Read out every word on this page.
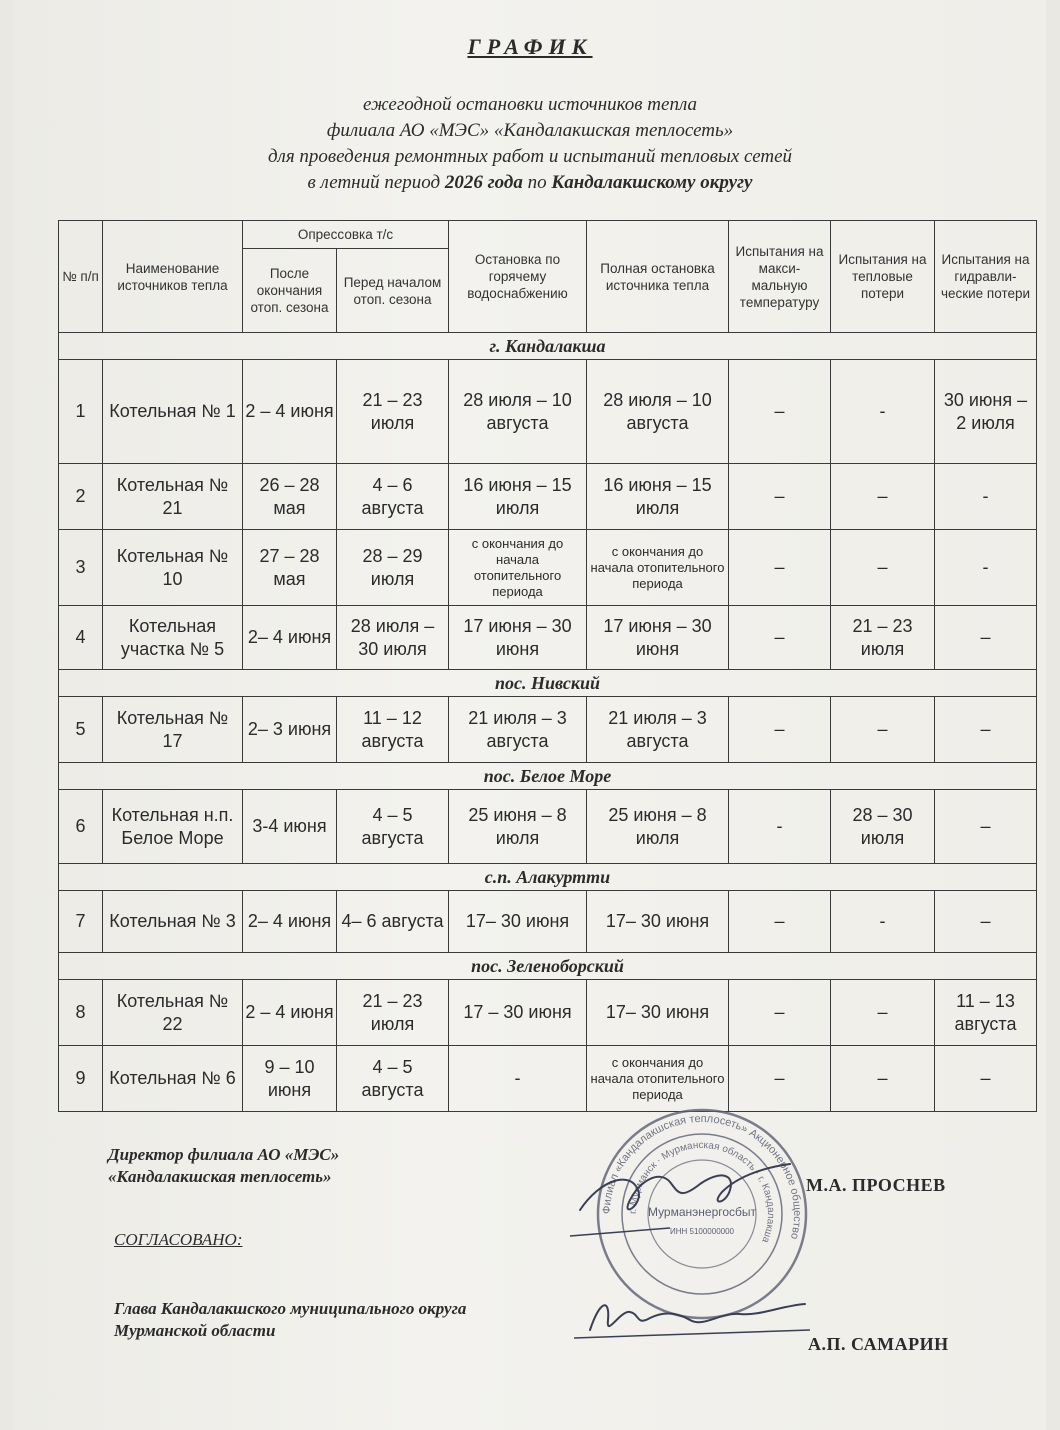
ГРАФИК
ежегодной остановки источников тепла
филиала АО «МЭС» «Кандалакшская теплосеть»
для проведения ремонтных работ и испытаний тепловых сетей
в летний период 2026 года по Кандалакшскому округу
№ п/п	Наименование источников тепла	Опрессовка т/с		Остановка по горячему водоснабжению	Полная остановка источника тепла	Испытания на макси-мальную температуру	Испытания на тепловые потери	Испытания на гидравли-ческие потери
		После окончания отоп. сезона	Перед началом отоп. сезона					
г. Кандалакша								
1	Котельная № 1	2 – 4 июня	21 – 23 июля	28 июля – 10 августа	28 июля – 10 августа	–	-	30 июня – 2 июля
2	Котельная № 21	26 – 28 мая	4 – 6 августа	16 июня – 15 июля	16 июня – 15 июля	–	–	-
3	Котельная № 10	27 – 28 мая	28 – 29 июля	с окончания до начала отопительного периода	с окончания до начала отопительного периода	–	–	-
4	Котельная участка № 5	2– 4 июня	28 июля – 30 июля	17 июня – 30 июня	17 июня – 30 июня	–	21 – 23 июля	–
пос. Нивский								
5	Котельная № 17	2– 3 июня	11 – 12 августа	21 июля – 3 августа	21 июля – 3 августа	–	–	–
пос. Белое Море								
6	Котельная н.п. Белое Море	3-4 июня	4 – 5 августа	25 июня – 8 июля	25 июня – 8 июля	-	28 – 30 июля	–
с.п. Алакуртти								
7	Котельная № 3	2– 4 июня	4– 6 августа	17– 30 июня	17– 30 июня	–	-	–
пос. Зеленоборский								
8	Котельная № 22	2 – 4 июня	21 – 23 июля	17 – 30 июня	17– 30 июня	–	–	11 – 13 августа
9	Котельная № 6	9 – 10 июня	4 – 5 августа	-	с окончания до начала отопительного периода	–	–	–
Директор филиала АО «МЭС»
«Кандалакшская теплосеть»	М.А. ПРОСНЕВ
СОГЛАСОВАНО:
Глава Кандалакшского муниципального округа
Мурманской области
А.П. САМАРИН
Филиал «Кандалакшская теплосеть» Акционерное общество
г. Мурманск · Мурманская область · г. Кандалакша
Мурманэнергосбыт
ИНН 5100000000
